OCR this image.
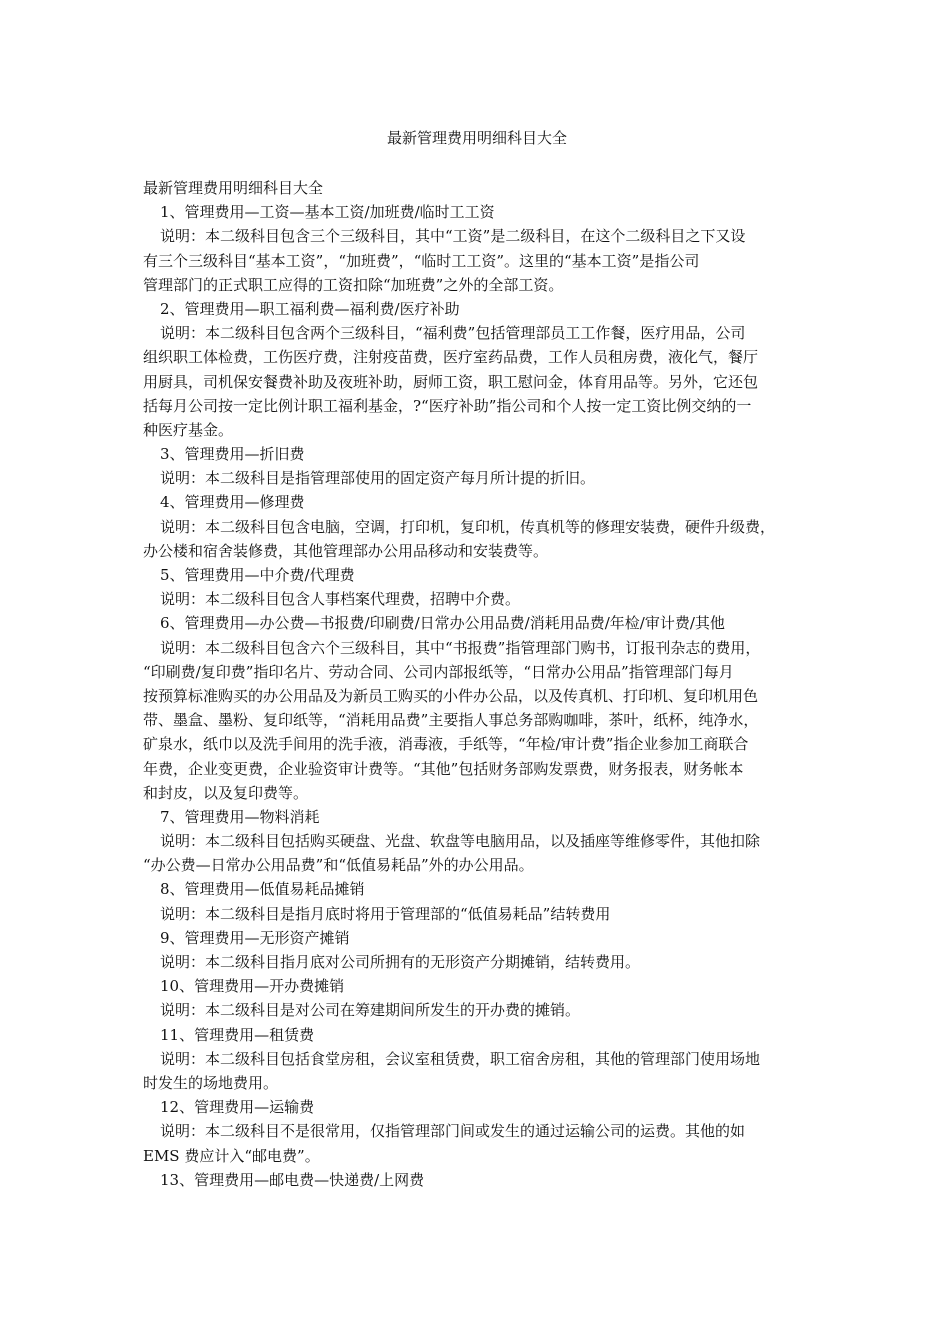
最新管理费用明细科目大全
最新管理费用明细科目大全
1、管理费用—工资—基本工资/加班费/临时工工资
说明：本二级科目包含三个三级科目，其中“工资”是二级科目，在这个二级科目之下又设
有三个三级科目“基本工资”，“加班费”，“临时工工资”。这里的“基本工资”是指公司
管理部门的正式职工应得的工资扣除“加班费”之外的全部工资。
2、管理费用—职工福利费—福利费/医疗补助
说明：本二级科目包含两个三级科目，“福利费”包括管理部员工工作餐，医疗用品，公司
组织职工体检费，工伤医疗费，注射疫苗费，医疗室药品费，工作人员租房费，液化气，餐厅
用厨具，司机保安餐费补助及夜班补助，厨师工资，职工慰问金，体育用品等。另外，它还包
括每月公司按一定比例计职工福利基金，?“医疗补助”指公司和个人按一定工资比例交纳的一
种医疗基金。
3、管理费用—折旧费
说明：本二级科目是指管理部使用的固定资产每月所计提的折旧。
4、管理费用—修理费
说明：本二级科目包含电脑，空调，打印机，复印机，传真机等的修理安装费，硬件升级费，
办公楼和宿舍装修费，其他管理部办公用品移动和安装费等。
5、管理费用—中介费/代理费
说明：本二级科目包含人事档案代理费，招聘中介费。
6、管理费用—办公费—书报费/印刷费/日常办公用品费/消耗用品费/年检/审计费/其他
说明：本二级科目包含六个三级科目，其中“书报费”指管理部门购书，订报刊杂志的费用，
“印刷费/复印费”指印名片、劳动合同、公司内部报纸等，“日常办公用品”指管理部门每月
按预算标准购买的办公用品及为新员工购买的小件办公品，以及传真机、打印机、复印机用色
带、墨盒、墨粉、复印纸等，“消耗用品费”主要指人事总务部购咖啡，茶叶，纸杯，纯净水，
矿泉水，纸巾以及洗手间用的洗手液，消毒液，手纸等，“年检/审计费”指企业参加工商联合
年费，企业变更费，企业验资审计费等。“其他”包括财务部购发票费，财务报表，财务帐本
和封皮，以及复印费等。
7、管理费用—物料消耗
说明：本二级科目包括购买硬盘、光盘、软盘等电脑用品，以及插座等维修零件，其他扣除
“办公费—日常办公用品费”和“低值易耗品”外的办公用品。
8、管理费用—低值易耗品摊销
说明：本二级科目是指月底时将用于管理部的“低值易耗品”结转费用
9、管理费用—无形资产摊销
说明：本二级科目指月底对公司所拥有的无形资产分期摊销，结转费用。
10、管理费用—开办费摊销
说明：本二级科目是对公司在筹建期间所发生的开办费的摊销。
11、管理费用—租赁费
说明：本二级科目包括食堂房租，会议室租赁费，职工宿舍房租，其他的管理部门使用场地
时发生的场地费用。
12、管理费用—运输费
说明：本二级科目不是很常用，仅指管理部门间或发生的通过运输公司的运费。其他的如
EMS 费应计入“邮电费”。
13、管理费用—邮电费—快递费/上网费
